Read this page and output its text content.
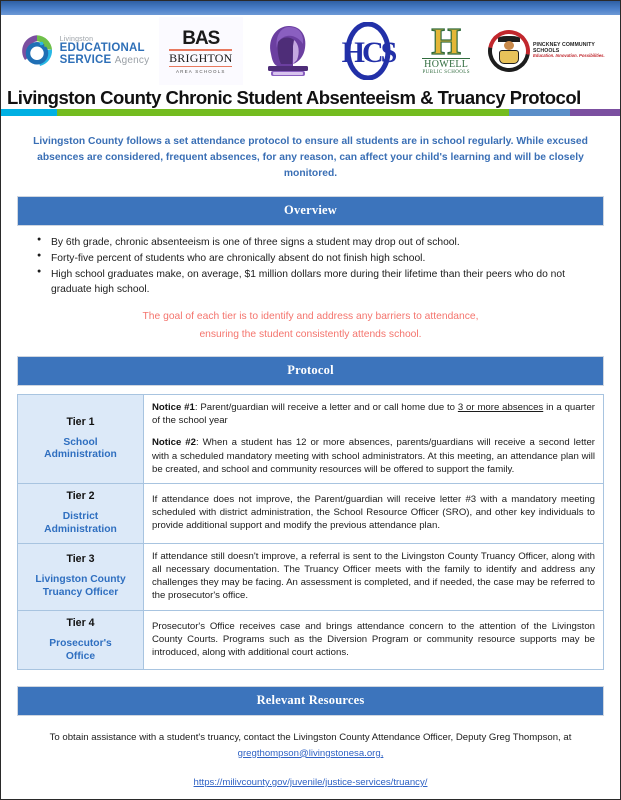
Livingston
EDUCATIONAL
SERVICE Agency
BAS
BRIGHTON
AREA SCHOOLS
HCS H
HOWELL
PUBLIC SCHOOLS
PINCKNEY COMMUNITY SCHOOLS
Education. Innovation. Possibilities.
Livingston County Chronic Student Absenteeism & Truancy Protocol
Livingston County follows a set attendance protocol to ensure all students are in school regularly. While excused absences are considered, frequent absences, for any reason, can affect your child's learning and will be closely monitored.
Overview
● By 6th grade, chronic absenteeism is one of three signs a student may drop out of school.
● Forty-five percent of students who are chronically absent do not finish high school.
● High school graduates make, on average, $1 million dollars more during their lifetime than their peers who do not graduate high school.
The goal of each tier is to identify and address any barriers to attendance,
ensuring the student consistently attends school.
Protocol
Tier 1
School
Administration

Notice #1: Parent/guardian will receive a letter and or call home due to 3 or more absences in a quarter of the school year

Notice #2: When a student has 12 or more absences, parents/guardians will receive a second letter with a scheduled mandatory meeting with school administrators. At this meeting, an attendance plan will be created, and school and community resources will be offered to support the family.

Tier 2
District
Administration

If attendance does not improve, the Parent/guardian will receive letter #3 with a mandatory meeting scheduled with district administration, the School Resource Officer (SRO), and other key individuals to provide additional support and modify the previous attendance plan.

Tier 3
Livingston County
Truancy Officer

If attendance still doesn't improve, a referral is sent to the Livingston County Truancy Officer, along with all necessary documentation. The Truancy Officer meets with the family to identify and address any challenges they may be facing. An assessment is completed, and if needed, the case may be referred to the prosecutor's office.

Tier 4
Prosecutor's
Office

Prosecutor's Office receives case and brings attendance concern to the attention of the Livingston County Courts. Programs such as the Diversion Program or community resource supports may be introduced, along with additional court actions.

Relevant Resources
To obtain assistance with a student's truancy, contact the Livingston County Attendance Officer, Deputy Greg Thompson, at gregthompson@livingstonesa.org,
https://milivcounty.gov/juvenile/justice-services/truancy/
